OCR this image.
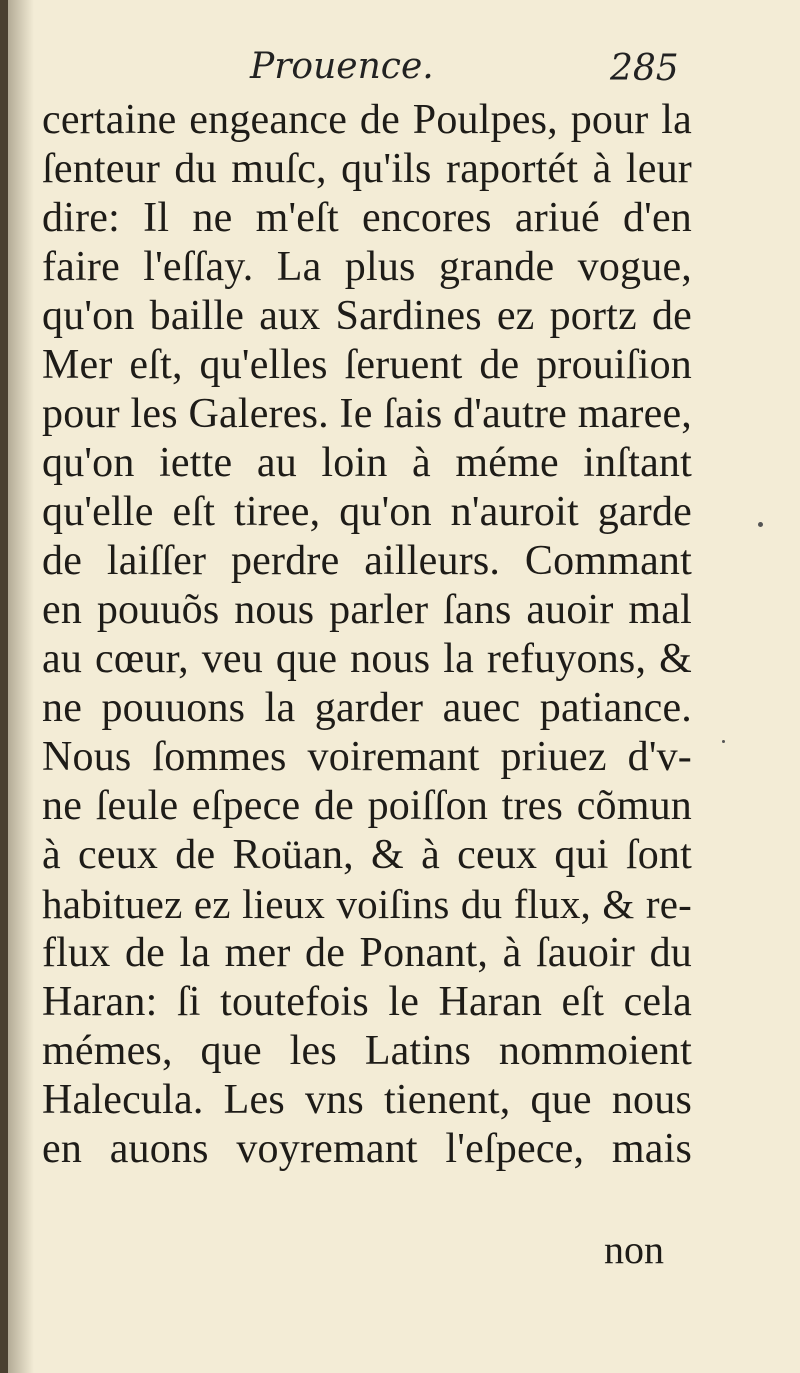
Prouence.	285
certaine engeance de Poulpes, pour la
ſenteur du muſc, qu'ils raportét à leur
dire: Il ne m'eſt encores ariué d'en
faire l'eſſay. La plus grande vogue,
qu'on baille aux Sardines ez portz de
Mer eſt, qu'elles ſeruent de prouiſion
pour les Galeres. Ie ſais d'autre maree,
qu'on iette au loin à méme inſtant
qu'elle eſt tiree, qu'on n'auroit garde
de laiſſer perdre ailleurs. Commant
en pouuõs nous parler ſans auoir mal
au cœur, veu que nous la refuyons, &
ne pouuons la garder auec patiance.
Nous ſommes voiremant priuez d'v-
ne ſeule eſpece de poiſſon tres cõmun
à ceux de Roüan, & à ceux qui ſont
habituez ez lieux voiſins du flux, & re-
flux de la mer de Ponant, à ſauoir du
Haran: ſi toutefois le Haran eſt cela
mémes, que les Latins nommoient
Halecula. Les vns tienent, que nous
en auons voyremant l'eſpece, mais
non
